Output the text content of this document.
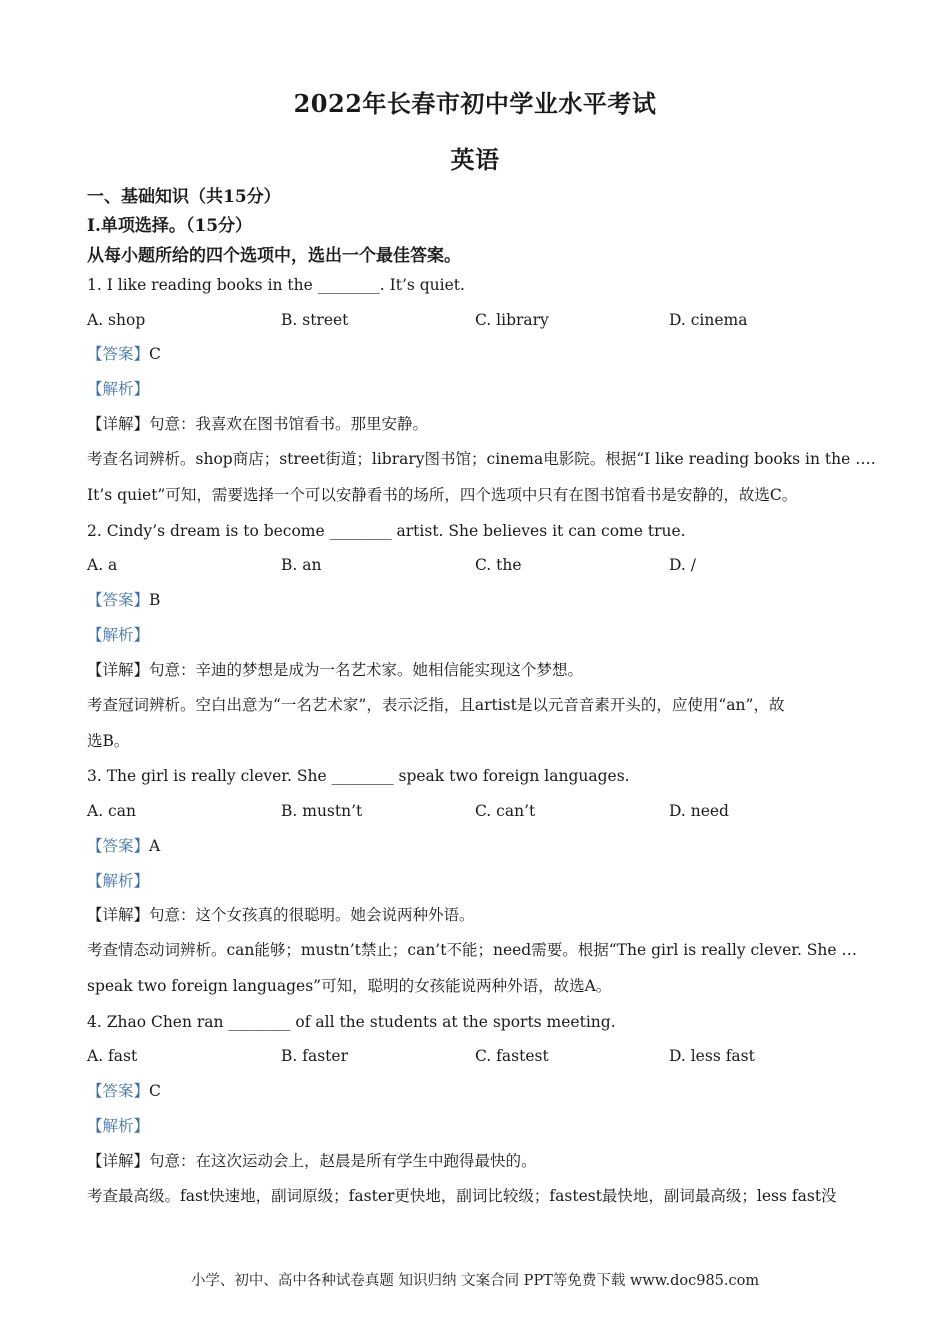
2022年长春市初中学业水平考试
英语
一、基础知识（共15分）
Ⅰ.单项选择。（15分）
从每小题所给的四个选项中，选出一个最佳答案。
1. I like reading books in the ________. It’s quiet.
A. shop	B. street	C. library	D. cinema
【答案】C
【解析】
【详解】句意：我喜欢在图书馆看书。那里安静。
考查名词辨析。shop商店；street街道；library图书馆；cinema电影院。根据“I like reading books in the ….
It’s quiet”可知，需要选择一个可以安静看书的场所，四个选项中只有在图书馆看书是安静的，故选C。
2. Cindy’s dream is to become ________ artist. She believes it can come true.
A. a	B. an	C. the	D. /
【答案】B
【解析】
【详解】句意：辛迪的梦想是成为一名艺术家。她相信能实现这个梦想。
考查冠词辨析。空白出意为“一名艺术家”，表示泛指，且artist是以元音音素开头的，应使用“an”，故
选B。
3. The girl is really clever. She ________ speak two foreign languages.
A. can	B. mustn’t	C. can’t	D. need
【答案】A
【解析】
【详解】句意：这个女孩真的很聪明。她会说两种外语。
考查情态动词辨析。can能够；mustn’t禁止；can’t不能；need需要。根据“The girl is really clever. She …
speak two foreign languages”可知，聪明的女孩能说两种外语，故选A。
4. Zhao Chen ran ________ of all the students at the sports meeting.
A. fast	B. faster	C. fastest	D. less fast
【答案】C
【解析】
【详解】句意：在这次运动会上，赵晨是所有学生中跑得最快的。
考查最高级。fast快速地，副词原级；faster更快地，副词比较级；fastest最快地，副词最高级；less fast没
小学、初中、高中各种试卷真题 知识归纳 文案合同 PPT等免费下载 www.doc985.com
